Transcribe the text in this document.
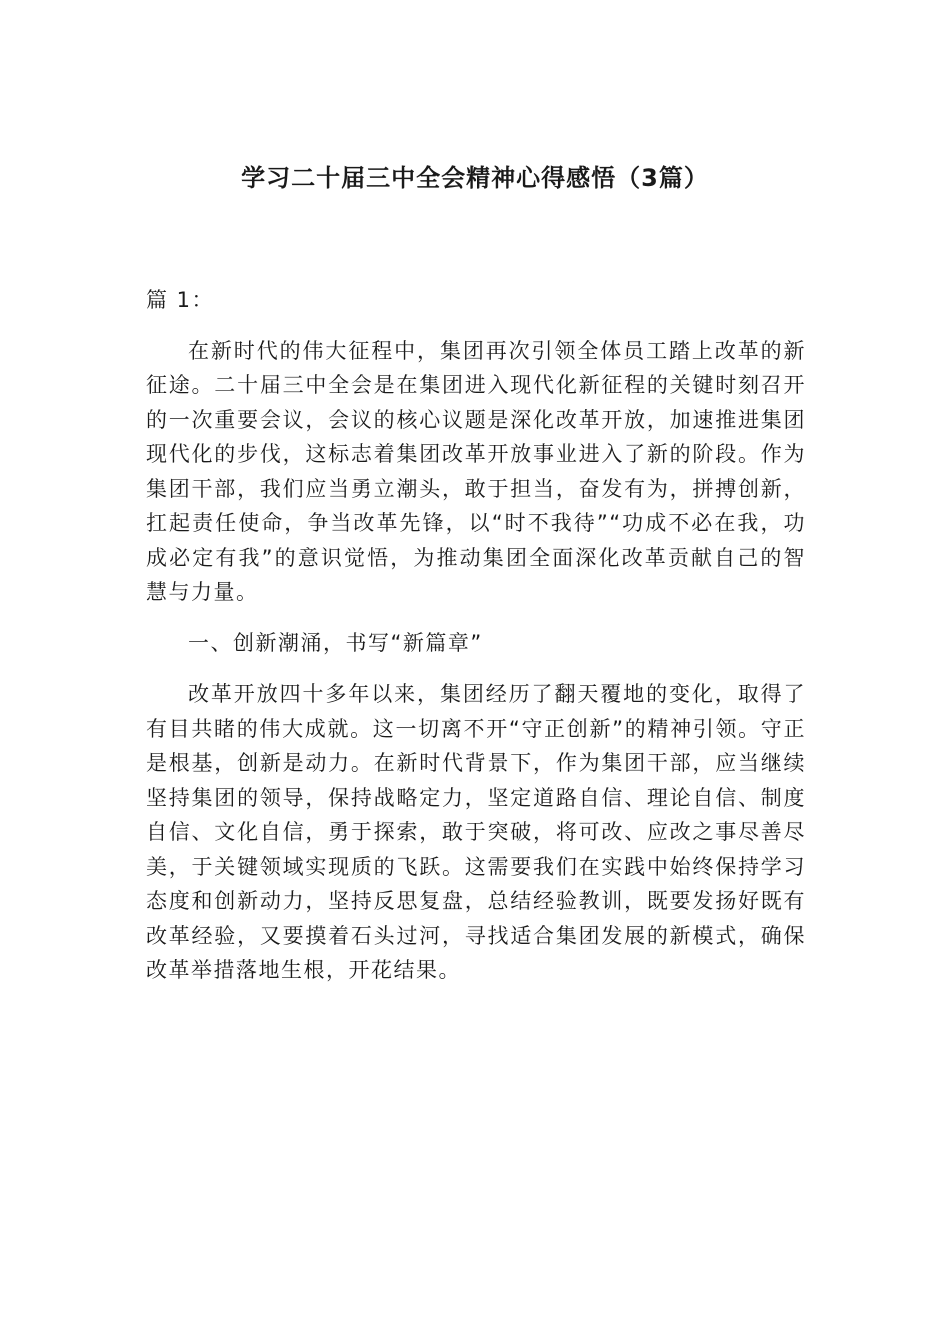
学习二十届三中全会精神心得感悟（3篇）

篇 1：

在新时代的伟大征程中，集团再次引领全体员工踏上改革的新征途。二十届三中全会是在集团进入现代化新征程的关键时刻召开的一次重要会议，会议的核心议题是深化改革开放，加速推进集团现代化的步伐，这标志着集团改革开放事业进入了新的阶段。作为集团干部，我们应当勇立潮头，敢于担当，奋发有为，拼搏创新，扛起责任使命，争当改革先锋，以“时不我待”“功成不必在我，功成必定有我”的意识觉悟，为推动集团全面深化改革贡献自己的智慧与力量。

一、创新潮涌，书写“新篇章”

改革开放四十多年以来，集团经历了翻天覆地的变化，取得了有目共睹的伟大成就。这一切离不开“守正创新”的精神引领。守正是根基，创新是动力。在新时代背景下，作为集团干部，应当继续坚持集团的领导，保持战略定力，坚定道路自信、理论自信、制度自信、文化自信，勇于探索，敢于突破，将可改、应改之事尽善尽美，于关键领域实现质的飞跃。这需要我们在实践中始终保持学习态度和创新动力，坚持反思复盘，总结经验教训，既要发扬好既有改革经验，又要摸着石头过河，寻找适合集团发展的新模式，确保改革举措落地生根，开花结果。
